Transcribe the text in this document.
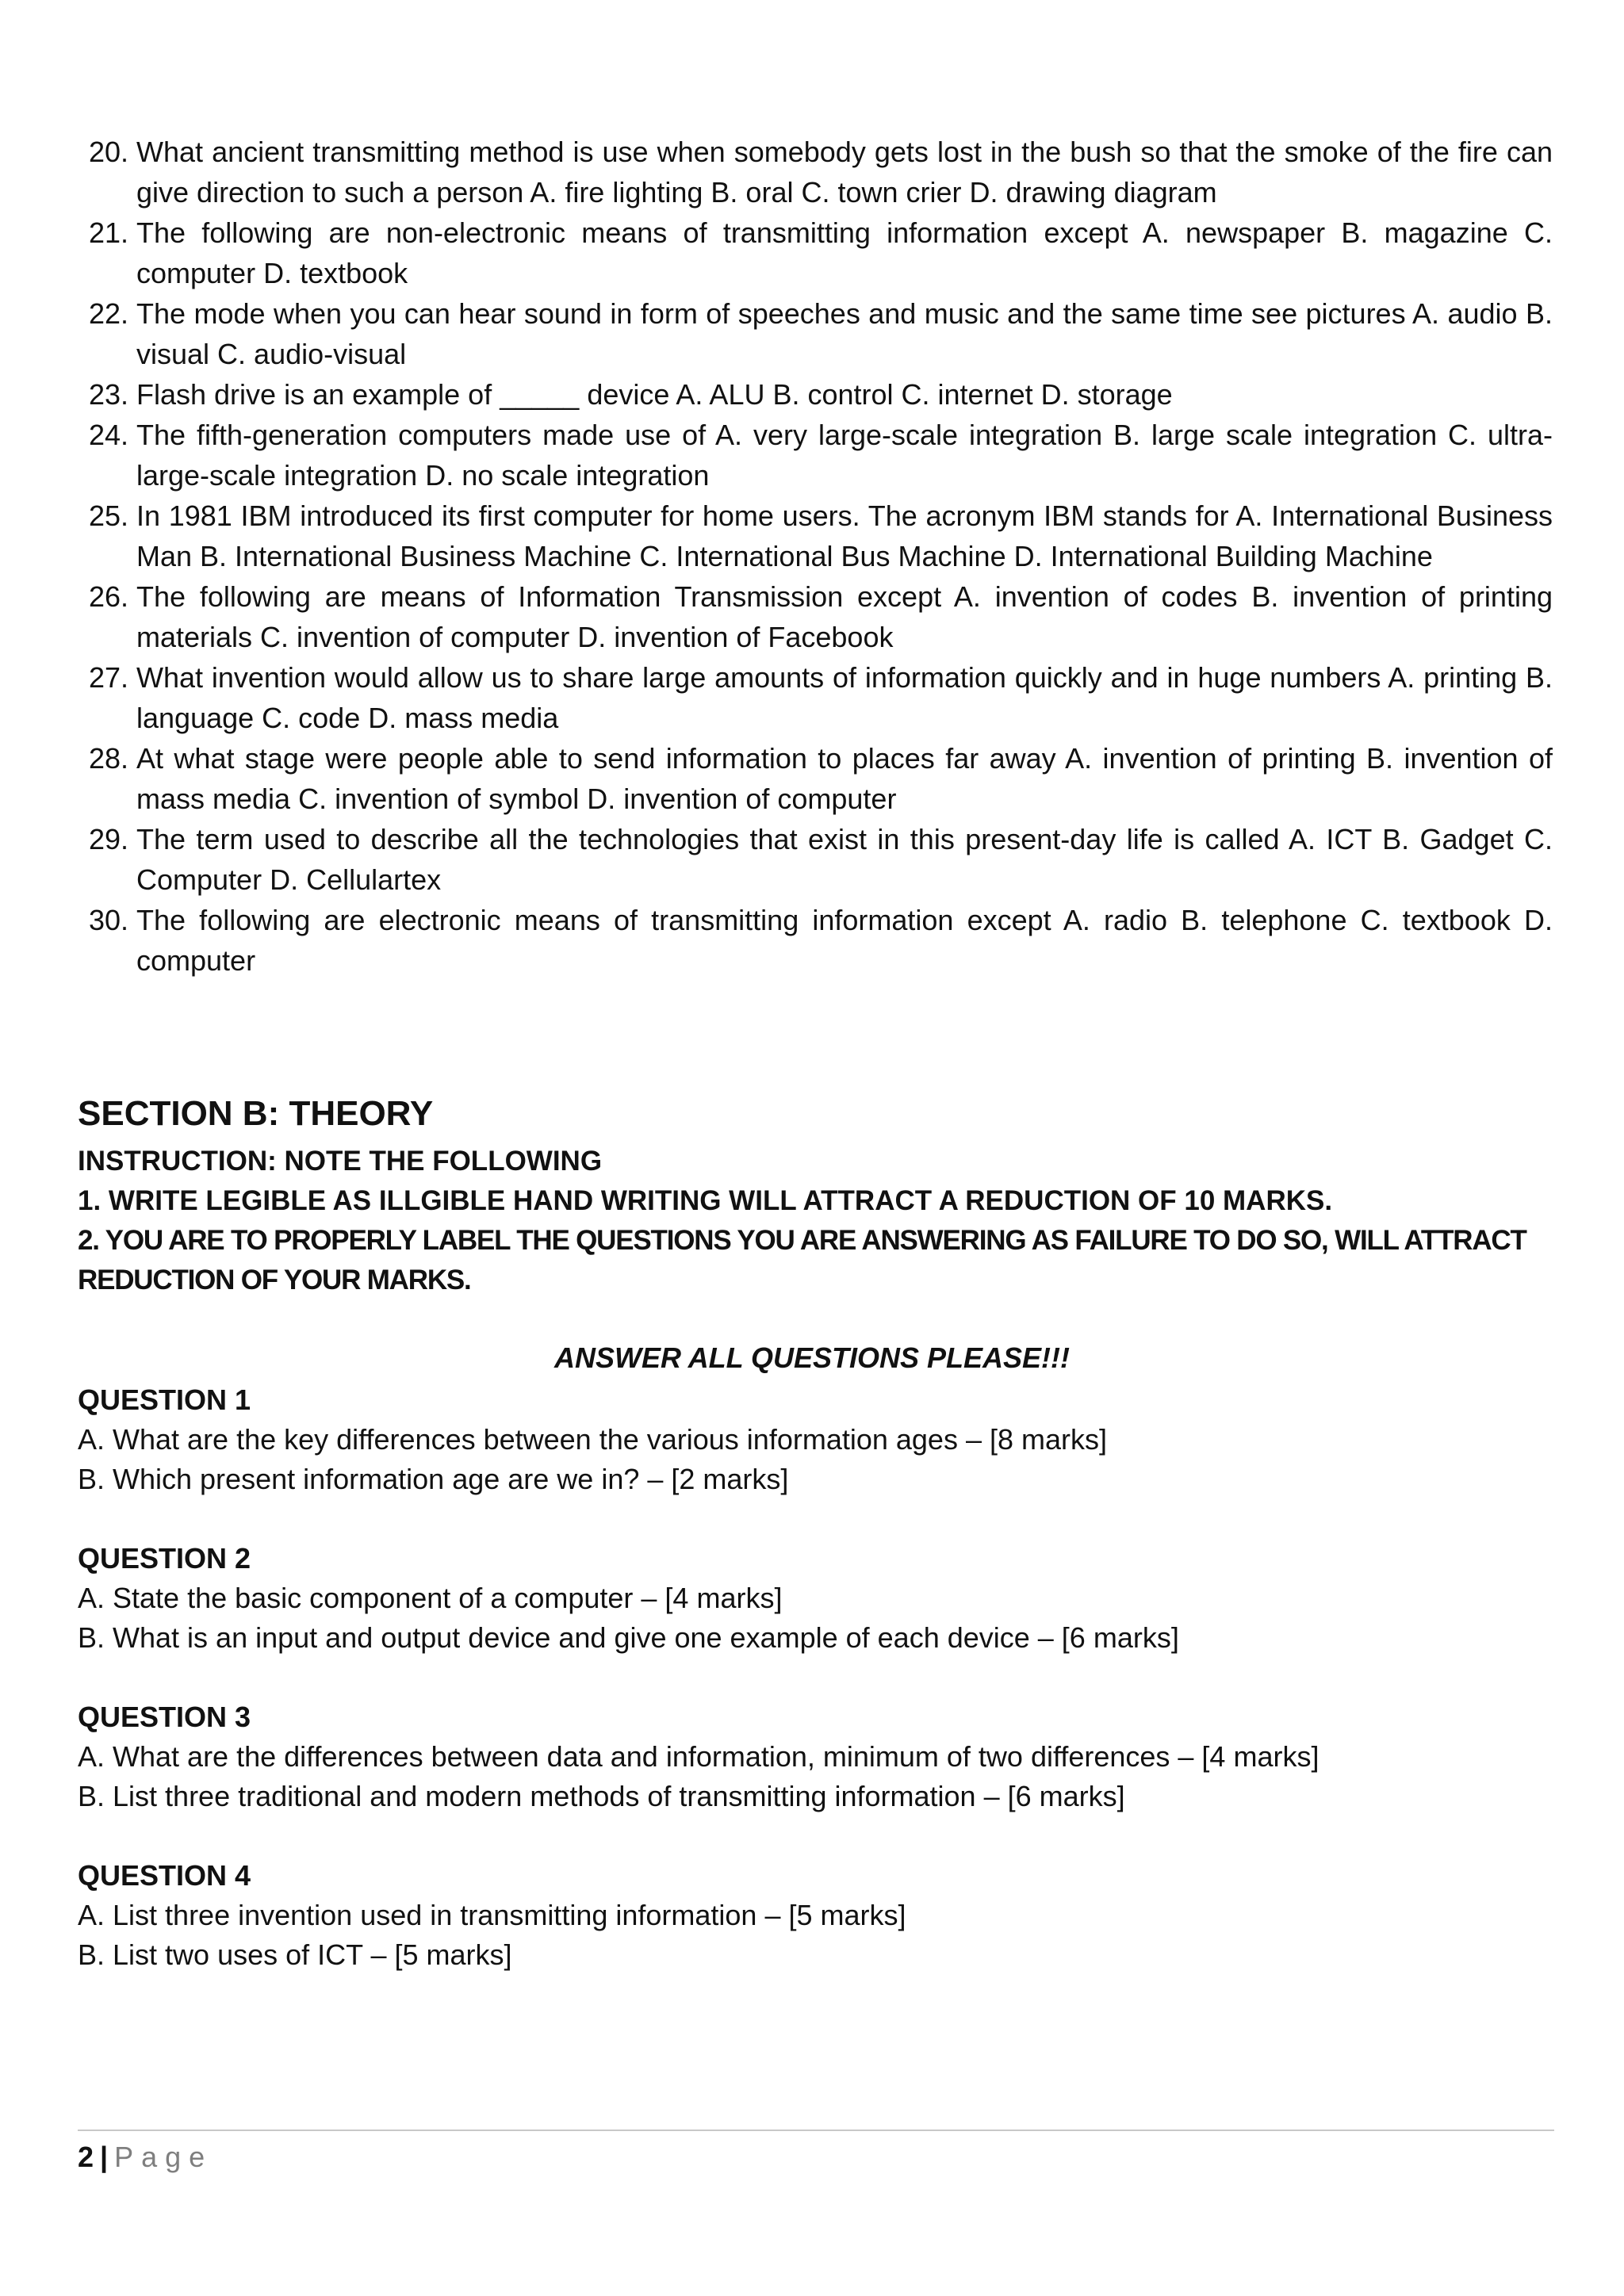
20. What ancient transmitting method is use when somebody gets lost in the bush so that the smoke of the fire can give direction to such a person A. fire lighting B. oral C. town crier D. drawing diagram
21. The following are non-electronic means of transmitting information except A. newspaper B. magazine C. computer D. textbook
22. The mode when you can hear sound in form of speeches and music and the same time see pictures A. audio B. visual C. audio-visual
23. Flash drive is an example of _____ device A. ALU B. control C. internet D. storage
24. The fifth-generation computers made use of A. very large-scale integration B. large scale integration C. ultra-large-scale integration D. no scale integration
25. In 1981 IBM introduced its first computer for home users. The acronym IBM stands for A. International Business Man B. International Business Machine C. International Bus Machine D. International Building Machine
26. The following are means of Information Transmission except A. invention of codes B. invention of printing materials C. invention of computer D. invention of Facebook
27. What invention would allow us to share large amounts of information quickly and in huge numbers A. printing B. language C. code D. mass media
28. At what stage were people able to send information to places far away A. invention of printing B. invention of mass media C. invention of symbol D. invention of computer
29. The term used to describe all the technologies that exist in this present-day life is called A. ICT B. Gadget C. Computer D. Cellulartex
30. The following are electronic means of transmitting information except A. radio B. telephone C. textbook D. computer
SECTION B: THEORY
INSTRUCTION: NOTE THE FOLLOWING
1. WRITE LEGIBLE AS ILLGIBLE HAND WRITING WILL ATTRACT A REDUCTION OF 10 MARKS.
2. YOU ARE TO PROPERLY LABEL THE QUESTIONS YOU ARE ANSWERING AS FAILURE TO DO SO, WILL ATTRACT REDUCTION OF YOUR MARKS.
ANSWER ALL QUESTIONS PLEASE!!!
QUESTION 1
A. What are the key differences between the various information ages – [8 marks]
B. Which present information age are we in? – [2 marks]
QUESTION 2
A. State the basic component of a computer – [4 marks]
B. What is an input and output device and give one example of each device – [6 marks]
QUESTION 3
A. What are the differences between data and information, minimum of two differences – [4 marks]
B. List three traditional and modern methods of transmitting information – [6 marks]
QUESTION 4
A. List three invention used in transmitting information – [5 marks]
B. List two uses of ICT – [5 marks]
2 | Page
